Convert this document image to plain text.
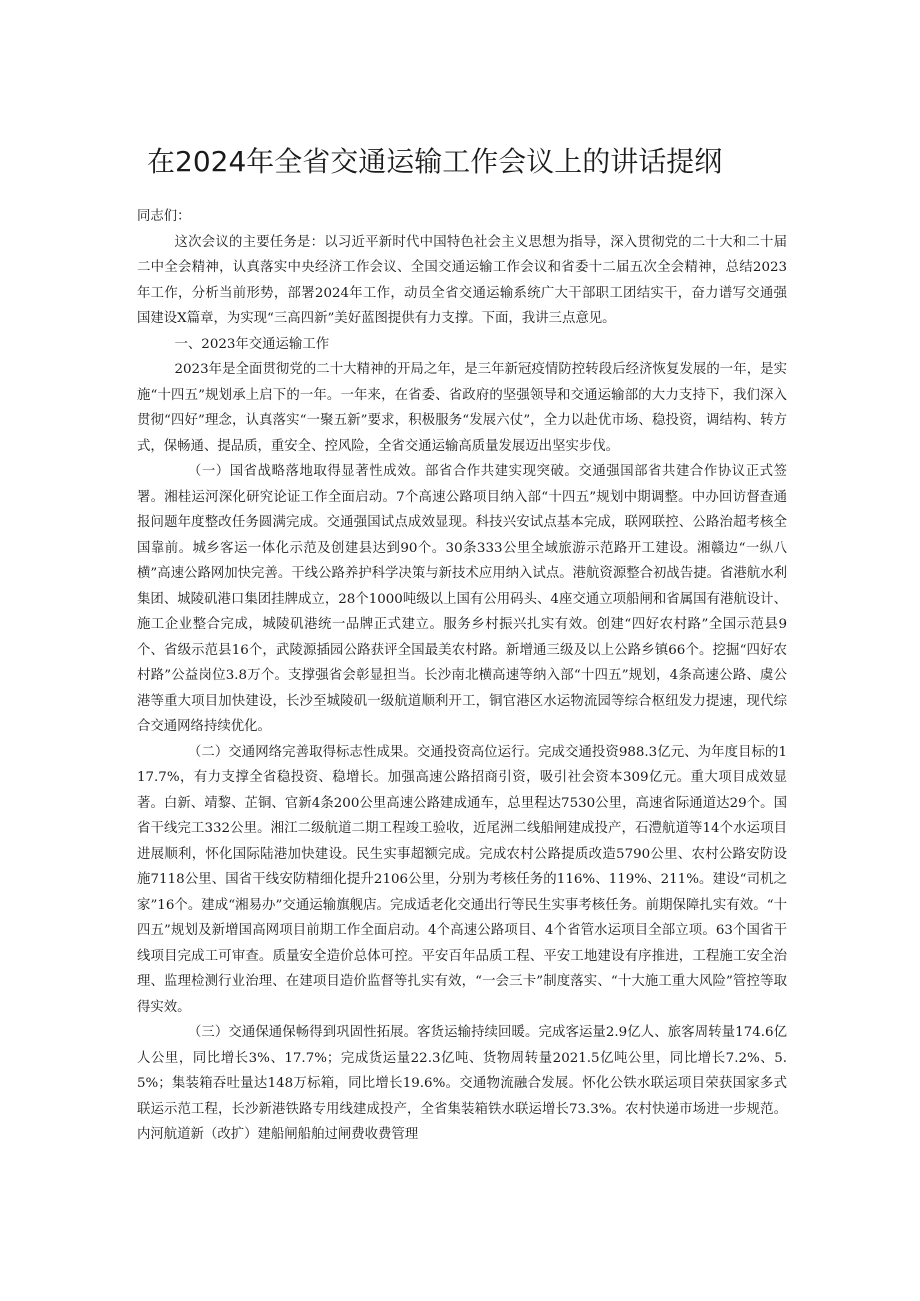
在2024年全省交通运输工作会议上的讲话提纲

同志们：

这次会议的主要任务是：以习近平新时代中国特色社会主义思想为指导，深入贯彻党的二十大和二十届二中全会精神，认真落实中央经济工作会议、全国交通运输工作会议和省委十二届五次全会精神，总结2023年工作，分析当前形势，部署2024年工作，动员全省交通运输系统广大干部职工团结实干，奋力谱写交通强国建设X篇章，为实现“三高四新”美好蓝图提供有力支撑。下面，我讲三点意见。

一、2023年交通运输工作

2023年是全面贯彻党的二十大精神的开局之年，是三年新冠疫情防控转段后经济恢复发展的一年，是实施“十四五”规划承上启下的一年。一年来，在省委、省政府的坚强领导和交通运输部的大力支持下，我们深入贯彻“四好”理念，认真落实“一聚五新”要求，积极服务“发展六仗”，全力以赴优市场、稳投资，调结构、转方式，保畅通、提品质，重安全、控风险，全省交通运输高质量发展迈出坚实步伐。

（一）国省战略落地取得显著性成效。部省合作共建实现突破。交通强国部省共建合作协议正式签署。湘桂运河深化研究论证工作全面启动。7个高速公路项目纳入部“十四五”规划中期调整。中办回访督查通报问题年度整改任务圆满完成。交通强国试点成效显现。科技兴安试点基本完成，联网联控、公路治超考核全国靠前。城乡客运一体化示范及创建县达到90个。30条333公里全域旅游示范路开工建设。湘赣边“一纵八横”高速公路网加快完善。干线公路养护科学决策与新技术应用纳入试点。港航资源整合初战告捷。省港航水利集团、城陵矶港口集团挂牌成立，28个1000吨级以上国有公用码头、4座交通立项船闸和省属国有港航设计、施工企业整合完成，城陵矶港统一品牌正式建立。服务乡村振兴扎实有效。创建“四好农村路”全国示范县9个、省级示范县16个，武陵源插园公路获评全国最美农村路。新增通三级及以上公路乡镇66个。挖掘“四好农村路”公益岗位3.8万个。支撑强省会彰显担当。长沙南北横高速等纳入部“十四五”规划，4条高速公路、虞公港等重大项目加快建设，长沙至城陵矶一级航道顺利开工，铜官港区水运物流园等综合枢纽发力提速，现代综合交通网络持续优化。

（二）交通网络完善取得标志性成果。交通投资高位运行。完成交通投资988.3亿元、为年度目标的117.7%，有力支撑全省稳投资、稳增长。加强高速公路招商引资，吸引社会资本309亿元。重大项目成效显著。白新、靖黎、芷铜、官新4条200公里高速公路建成通车，总里程达7530公里，高速省际通道达29个。国省干线完工332公里。湘江二级航道二期工程竣工验收，近尾洲二线船闸建成投产，石澧航道等14个水运项目进展顺利，怀化国际陆港加快建设。民生实事超额完成。完成农村公路提质改造5790公里、农村公路安防设施7118公里、国省干线安防精细化提升2106公里，分别为考核任务的116%、119%、211%。建设“司机之家”16个。建成“湘易办”交通运输旗舰店。完成适老化交通出行等民生实事考核任务。前期保障扎实有效。“十四五”规划及新增国高网项目前期工作全面启动。4个高速公路项目、4个省管水运项目全部立项。63个国省干线项目完成工可审查。质量安全造价总体可控。平安百年品质工程、平安工地建设有序推进，工程施工安全治理、监理检测行业治理、在建项目造价监督等扎实有效，“一会三卡”制度落实、“十大施工重大风险”管控等取得实效。

（三）交通保通保畅得到巩固性拓展。客货运输持续回暖。完成客运量2.9亿人、旅客周转量174.6亿人公里，同比增长3%、17.7%；完成货运量22.3亿吨、货物周转量2021.5亿吨公里，同比增长7.2%、5.5%；集装箱吞吐量达148万标箱，同比增长19.6%。交通物流融合发展。怀化公铁水联运项目荣获国家多式联运示范工程，长沙新港铁路专用线建成投产，全省集装箱铁水联运增长73.3%。农村快递市场进一步规范。内河航道新（改扩）建船闸船舶过闸费收费管理
